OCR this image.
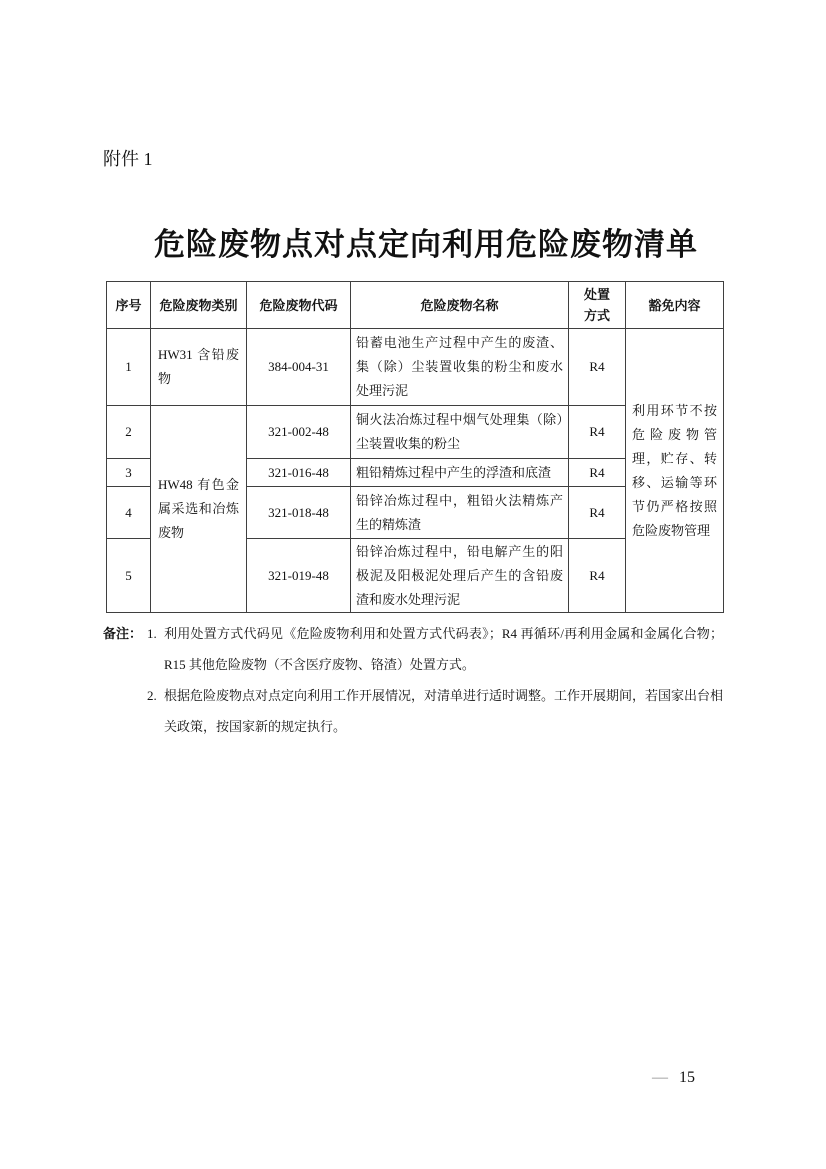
附件 1
危险废物点对点定向利用危险废物清单
序号	危险废物类别	危险废物代码	危险废物名称	处置方式	豁免内容
1	HW31 含铅废物	384-004-31	铅蓄电池生产过程中产生的废渣、集（除）尘装置收集的粉尘和废水处理污泥	R4	利用环节不按危险废物管理，贮存、转移、运输等环节仍严格按照危险废物管理
2	HW48 有色金属采选和冶炼废物	321-002-48	铜火法冶炼过程中烟气处理集（除）尘装置收集的粉尘	R4	
3		321-016-48	粗铅精炼过程中产生的浮渣和底渣	R4	
4		321-018-48	铅锌冶炼过程中，粗铅火法精炼产生的精炼渣	R4	
5		321-019-48	铅锌冶炼过程中，铅电解产生的阳极泥及阳极泥处理后产生的含铅废渣和废水处理污泥	R4	
备注： 1. 利用处置方式代码见《危险废物利用和处置方式代码表》；R4 再循环/再利用金属和金属化合物；R15 其他危险废物（不含医疗废物、铬渣）处置方式。
2. 根据危险废物点对点定向利用工作开展情况，对清单进行适时调整。工作开展期间，若国家出台相关政策，按国家新的规定执行。

— 15
